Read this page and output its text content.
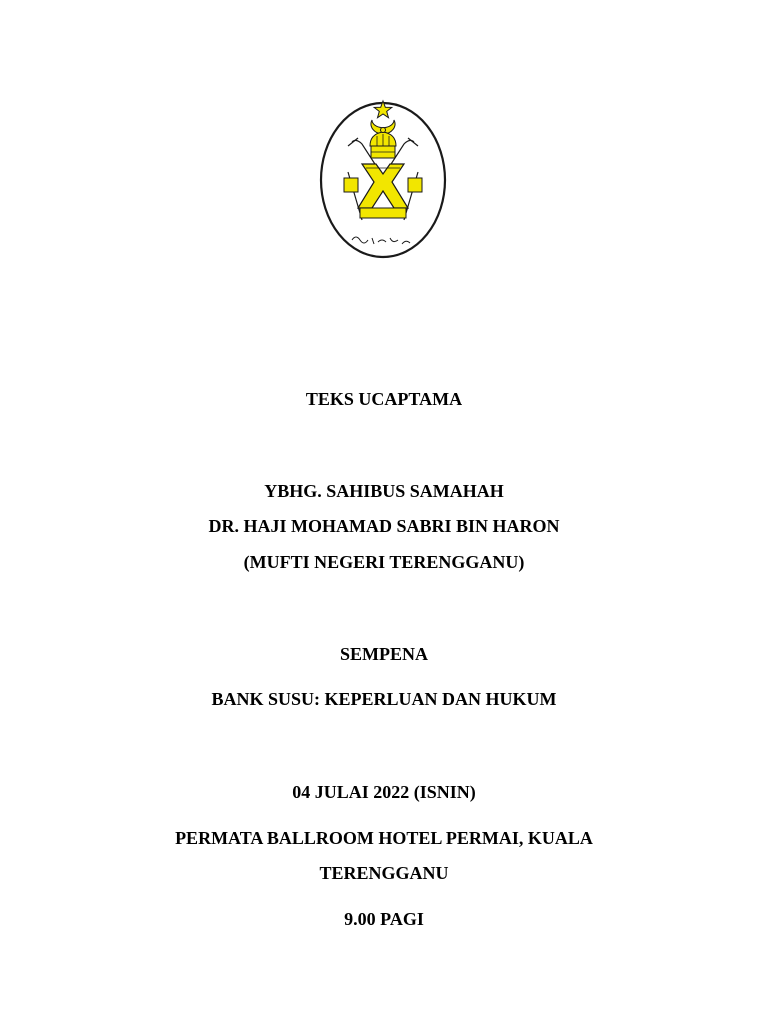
TEKS UCAPTAMA
YBHG. SAHIBUS SAMAHAH
DR. HAJI MOHAMAD SABRI BIN HARON
(MUFTI NEGERI TERENGGANU)
SEMPENA
BANK SUSU: KEPERLUAN DAN HUKUM
04 JULAI 2022 (ISNIN)
PERMATA BALLROOM HOTEL PERMAI, KUALA
TERENGGANU
9.00 PAGI
